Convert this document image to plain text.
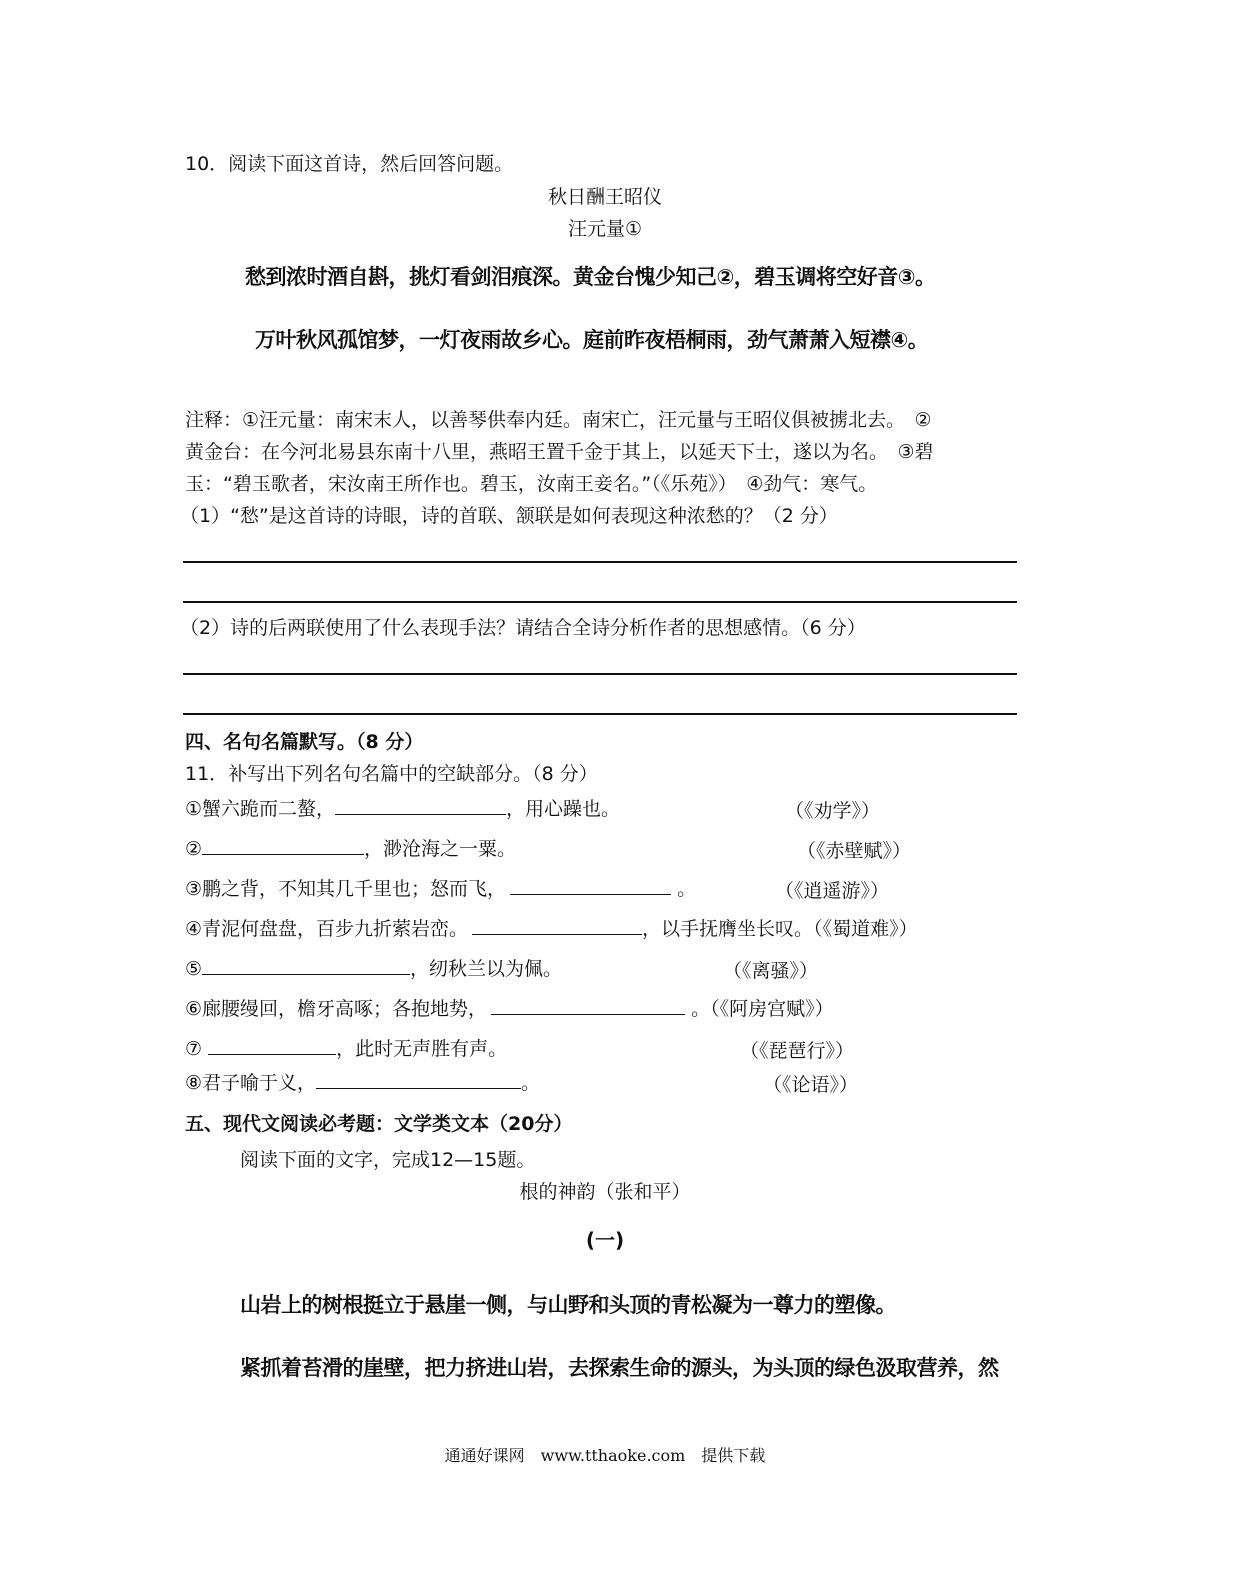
10．阅读下面这首诗，然后回答问题。
秋日酬王昭仪
汪元量①
愁到浓时酒自斟，挑灯看剑泪痕深。黄金台愧少知己②，碧玉调将空好音③。
万叶秋风孤馆梦，一灯夜雨故乡心。庭前昨夜梧桐雨，劲气萧萧入短襟④。
注释：①汪元量：南宋末人，以善琴供奉内廷。南宋亡，汪元量与王昭仪俱被掳北去。　②
黄金台：在今河北易县东南十八里，燕昭王置千金于其上，以延天下士，遂以为名。　③碧
玉：“碧玉歌者，宋汝南王所作也。碧玉，汝南王妾名。”（《乐苑》）　④劲气：寒气。
（1）“愁”是这首诗的诗眼，诗的首联、颔联是如何表现这种浓愁的？（2 分）
（2）诗的后两联使用了什么表现手法？请结合全诗分析作者的思想感情。（6 分）
四、名句名篇默写。（8 分）
11．补写出下列名句名篇中的空缺部分。（8 分）
①蟹六跪而二螯，	，用心躁也。	（《劝学》）
②	，渺沧海之一粟。	（《赤壁赋》）
③鹏之背，不知其几千里也；怒而飞，	。	（《逍遥游》）
④青泥何盘盘，百步九折萦岩峦。	，以手抚膺坐长叹。（《蜀道难》）
⑤	，纫秋兰以为佩。	（《离骚》）
⑥廊腰缦回，檐牙高啄；各抱地势，	。（《阿房宫赋》）
⑦	，此时无声胜有声。	（《琵琶行》）
⑧君子喻于义，	。	（《论语》）
五、现代文阅读必考题：文学类文本（20分）
阅读下面的文字，完成12—15题。
根的神韵（张和平）
(一)
山岩上的树根挺立于悬崖一侧，与山野和头顶的青松凝为一尊力的塑像。
紧抓着苔滑的崖壁，把力挤进山岩，去探索生命的源头，为头顶的绿色汲取营养，然
通通好课网　www.tthaoke.com　提供下载
